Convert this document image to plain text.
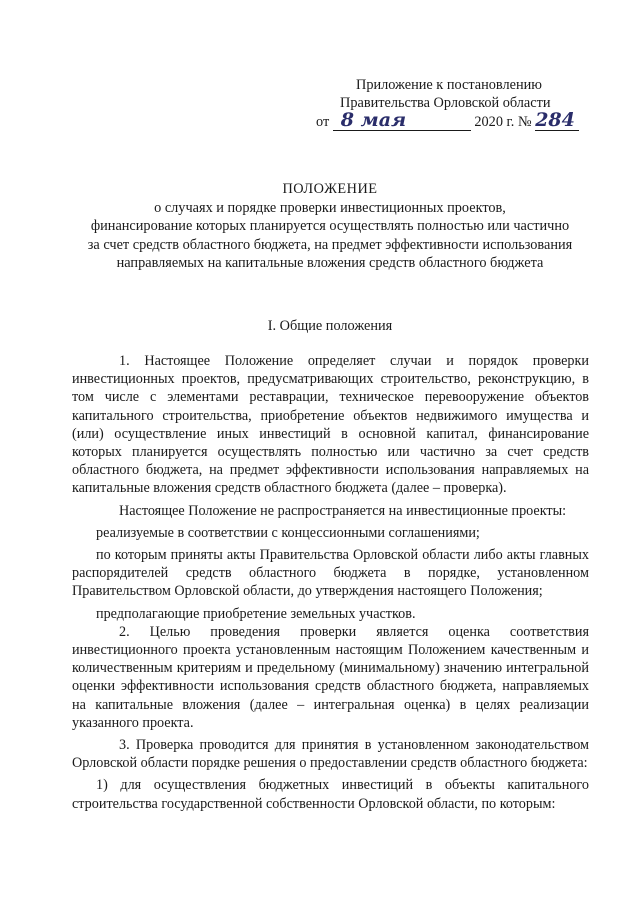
Приложение к постановлению
Правительства Орловской области
от 8 мая	2020 г. № 284
ПОЛОЖЕНИЕ
о случаях и порядке проверки инвестиционных проектов,
финансирование которых планируется осуществлять полностью или частично
за счет средств областного бюджета, на предмет эффективности использования
направляемых на капитальные вложения средств областного бюджета
I. Общие положения

1. Настоящее Положение определяет случаи и порядок проверки инвестиционных проектов, предусматривающих строительство, реконструкцию, в том числе с элементами реставрации, техническое перевооружение объектов капитального строительства, приобретение объектов недвижимого имущества и (или) осуществление иных инвестиций в основной капитал, финансирование которых планируется осуществлять полностью или частично за счет средств областного бюджета, на предмет эффективности использования направляемых на капитальные вложения средств областного бюджета (далее – проверка).

Настоящее Положение не распространяется на инвестиционные проекты:

реализуемые в соответствии с концессионными соглашениями;

по которым приняты акты Правительства Орловской области либо акты главных распорядителей средств областного бюджета в порядке, установленном Правительством Орловской области, до утверждения настоящего Положения;

предполагающие приобретение земельных участков.

2. Целью проведения проверки является оценка соответствия инвестиционного проекта установленным настоящим Положением качественным и количественным критериям и предельному (минимальному) значению интегральной оценки эффективности использования средств областного бюджета, направляемых на капитальные вложения (далее – интегральная оценка) в целях реализации указанного проекта.

3. Проверка проводится для принятия в установленном законодательством Орловской области порядке решения о предоставлении средств областного бюджета:

1) для осуществления бюджетных инвестиций в объекты капитального строительства государственной собственности Орловской области, по которым:
